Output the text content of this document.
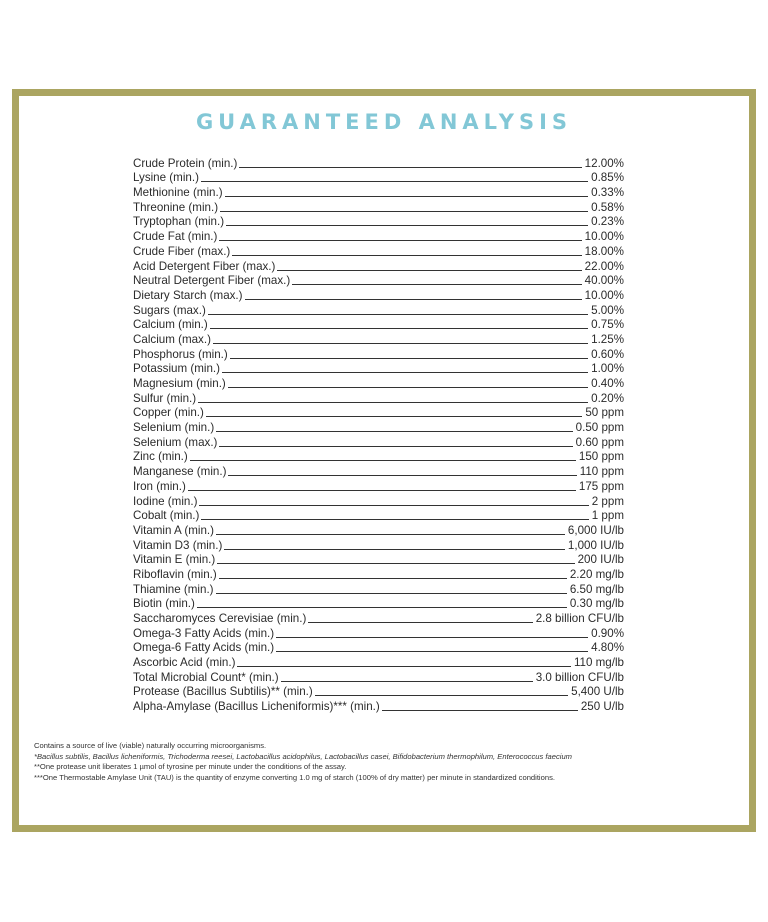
GUARANTEED ANALYSIS
Crude Protein (min.)	12.00%
Lysine (min.)	0.85%
Methionine (min.)	0.33%
Threonine (min.)	0.58%
Tryptophan (min.)	0.23%
Crude Fat (min.)	10.00%
Crude Fiber (max.)	18.00%
Acid Detergent Fiber (max.)	22.00%
Neutral Detergent Fiber (max.)	40.00%
Dietary Starch (max.)	10.00%
Sugars (max.)	5.00%
Calcium (min.)	0.75%
Calcium (max.)	1.25%
Phosphorus (min.)	0.60%
Potassium (min.)	1.00%
Magnesium (min.)	0.40%
Sulfur (min.)	0.20%
Copper (min.)	50 ppm
Selenium (min.)	0.50 ppm
Selenium (max.)	0.60 ppm
Zinc (min.)	150 ppm
Manganese (min.)	110 ppm
Iron (min.)	175 ppm
Iodine (min.)	2 ppm
Cobalt (min.)	1 ppm
Vitamin A (min.)	6,000 IU/lb
Vitamin D3 (min.)	1,000 IU/lb
Vitamin E (min.)	200 IU/lb
Riboflavin (min.)	2.20 mg/lb
Thiamine (min.)	6.50 mg/lb
Biotin (min.)	0.30 mg/lb
Saccharomyces Cerevisiae (min.)	2.8 billion CFU/lb
Omega-3 Fatty Acids (min.)	0.90%
Omega-6 Fatty Acids (min.)	4.80%
Ascorbic Acid (min.)	110 mg/lb
Total Microbial Count* (min.)	3.0 billion CFU/lb
Protease (Bacillus Subtilis)** (min.)	5,400 U/lb
Alpha-Amylase (Bacillus Licheniformis)*** (min.)	250 U/lb

Contains a source of live (viable) naturally occurring microorganisms.

*Bacillus subtilis, Bacillus licheniformis, Trichoderma reesei, Lactobacillus acidophilus, Lactobacillus casei, Bifidobacterium thermophilum, Enterococcus faecium

**One protease unit liberates 1 µmol of tyrosine per minute under the conditions of the assay.

***One Thermostable Amylase Unit (TAU) is the quantity of enzyme converting 1.0 mg of starch (100% of dry matter) per minute in standardized conditions.
